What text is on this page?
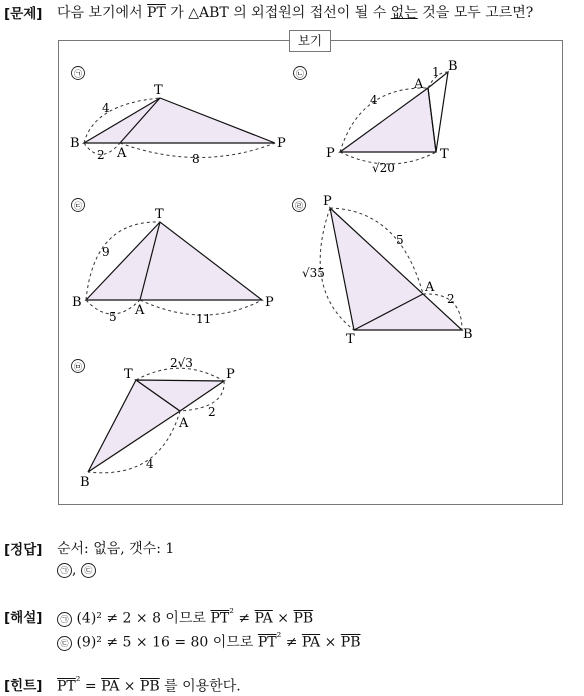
[문제] 다음 보기에서 $\overline{PT}$ 가 △ABT 의 외접원의 접선이 될 수 없는 것을 모두 고르면?
보기
㉠
B
A
T
P
4
2	8
㉡
A
B
P	T
4
1
√20
㉢
B
A
T
P
9
5	11
㉣ P
A
B
T
5
2
√35
㉤	T	P
A
B
2√3
2
4
[정답] 순서: 없음, 갯수: 1
㉠ , ㉢
[해설]	㉠ (4)² ≠ 2 × 8 이므로 $\overline{PT}^{^2} \ne \overline{PA} \times \overline{PB}$
㉢ (9)² ≠ 5 × 16 = 80 이므로 $\overline{PT}^{^2} \ne \overline{PA} \times \overline{PB}$
[힌트] $\overline{PT}^{^2} = \overline{PA} \times \overline{PB}$ 를 이용한다.
